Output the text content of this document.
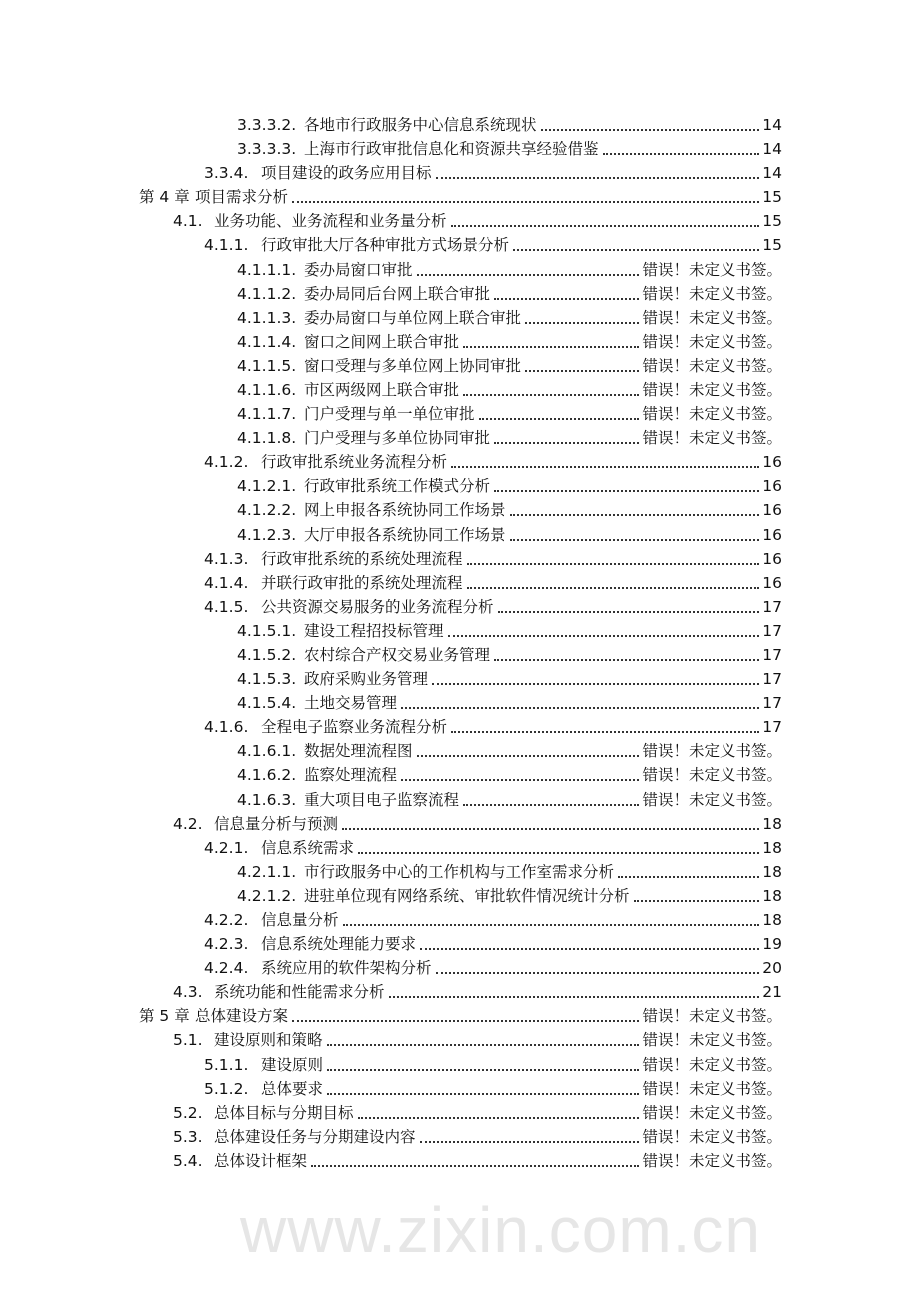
3.3.3.2. 各地市行政服务中心信息系统现状	14
3.3.3.3. 上海市行政审批信息化和资源共享经验借鉴	14
3.3.4. 项目建设的政务应用目标	14
第 4 章 项目需求分析	15
4.1. 业务功能、业务流程和业务量分析	15
4.1.1. 行政审批大厅各种审批方式场景分析	15
4.1.1.1. 委办局窗口审批	错误！未定义书签。
4.1.1.2. 委办局同后台网上联合审批	错误！未定义书签。
4.1.1.3. 委办局窗口与单位网上联合审批	错误！未定义书签。
4.1.1.4. 窗口之间网上联合审批	错误！未定义书签。
4.1.1.5. 窗口受理与多单位网上协同审批	错误！未定义书签。
4.1.1.6. 市区两级网上联合审批	错误！未定义书签。
4.1.1.7. 门户受理与单一单位审批	错误！未定义书签。
4.1.1.8. 门户受理与多单位协同审批	错误！未定义书签。
4.1.2. 行政审批系统业务流程分析	16
4.1.2.1. 行政审批系统工作模式分析	16
4.1.2.2. 网上申报各系统协同工作场景	16
4.1.2.3. 大厅申报各系统协同工作场景	16
4.1.3. 行政审批系统的系统处理流程	16
4.1.4. 并联行政审批的系统处理流程	16
4.1.5. 公共资源交易服务的业务流程分析	17
4.1.5.1. 建设工程招投标管理	17
4.1.5.2. 农村综合产权交易业务管理	17
4.1.5.3. 政府采购业务管理	17
4.1.5.4. 土地交易管理	17
4.1.6. 全程电子监察业务流程分析	17
4.1.6.1. 数据处理流程图	错误！未定义书签。
4.1.6.2. 监察处理流程	错误！未定义书签。
4.1.6.3. 重大项目电子监察流程	错误！未定义书签。
4.2. 信息量分析与预测	18
4.2.1. 信息系统需求	18
4.2.1.1. 市行政服务中心的工作机构与工作室需求分析	18
4.2.1.2. 进驻单位现有网络系统、审批软件情况统计分析	18
4.2.2. 信息量分析	18
4.2.3. 信息系统处理能力要求	19
4.2.4. 系统应用的软件架构分析	20
4.3. 系统功能和性能需求分析	21
第 5 章 总体建设方案	错误！未定义书签。
5.1. 建设原则和策略	错误！未定义书签。
5.1.1. 建设原则	错误！未定义书签。
5.1.2. 总体要求	错误！未定义书签。
5.2. 总体目标与分期目标	错误！未定义书签。
5.3. 总体建设任务与分期建设内容	错误！未定义书签。
5.4. 总体设计框架	错误！未定义书签。
www.zixin.com.cn
